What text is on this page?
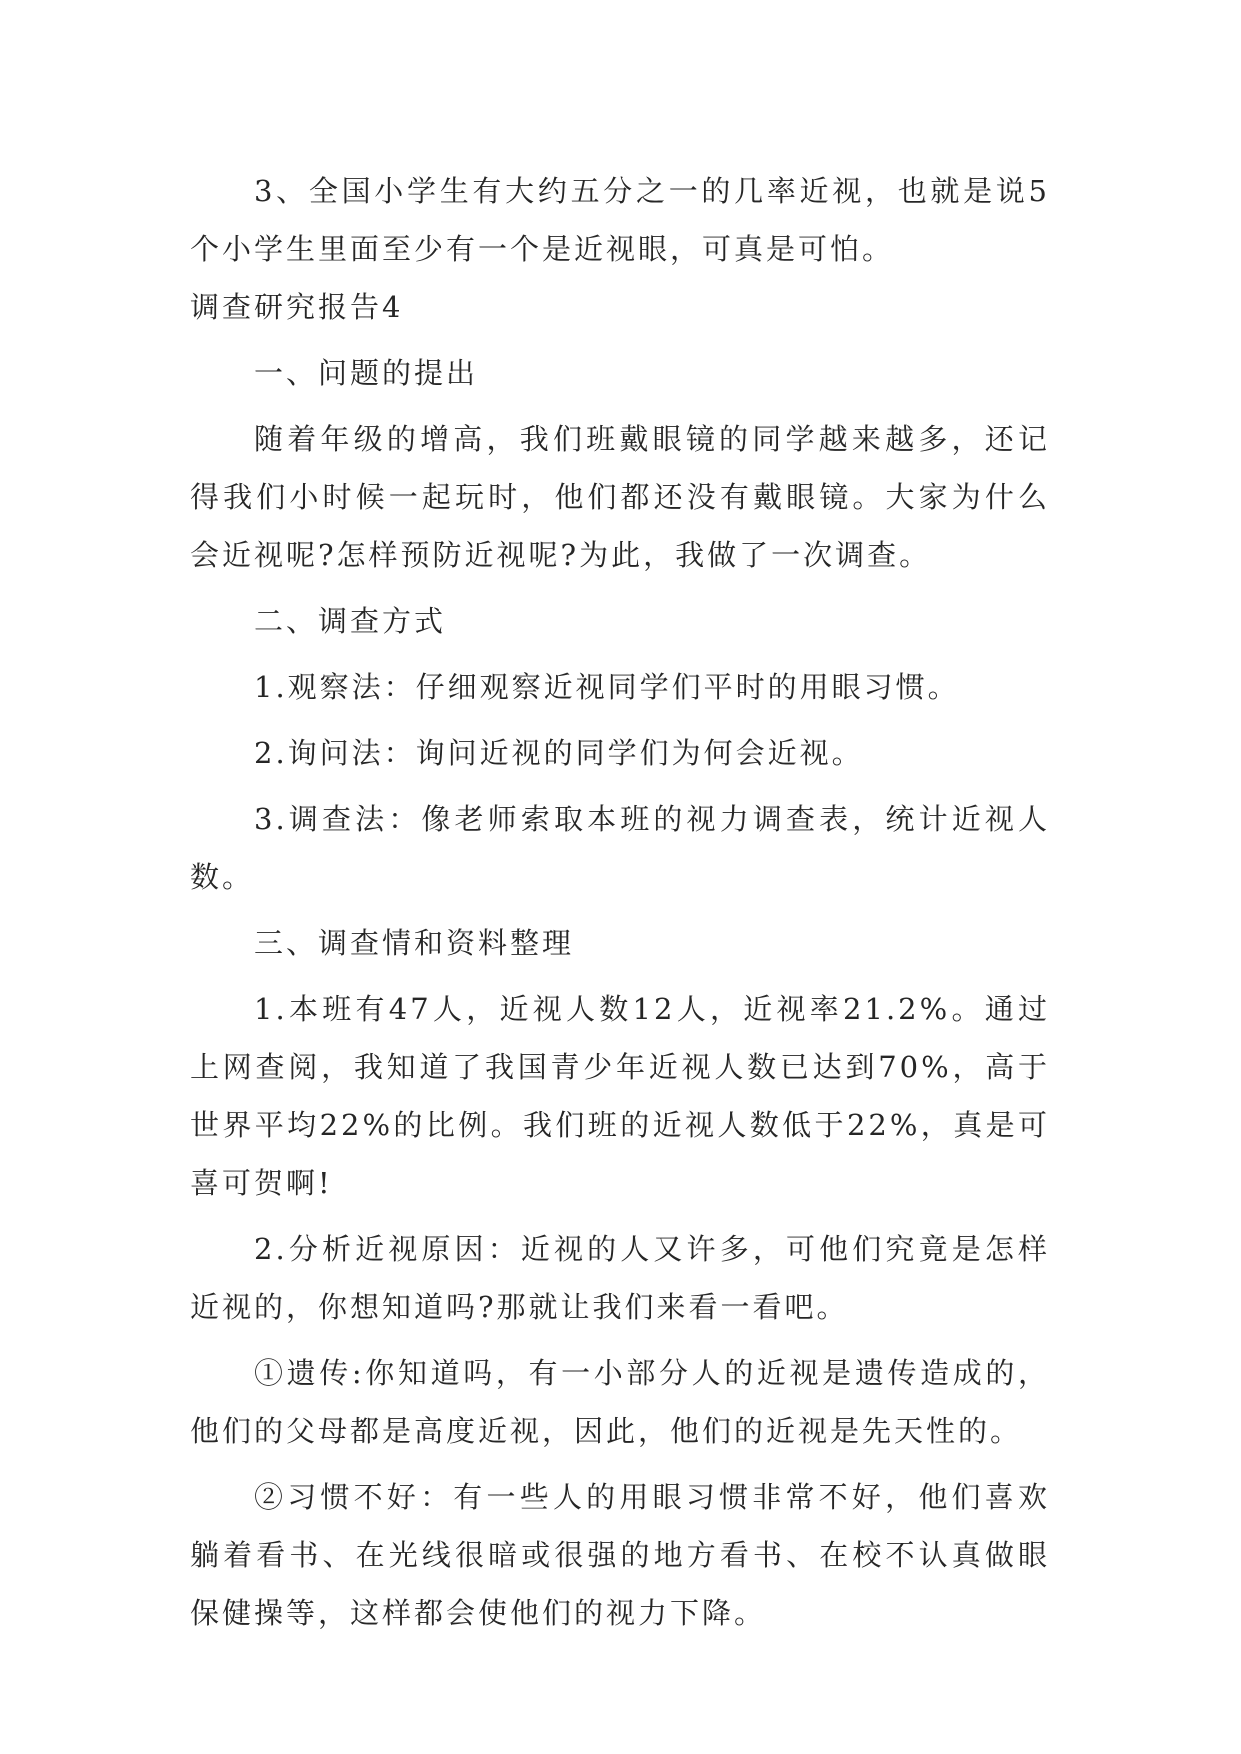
3、全国小学生有大约五分之一的几率近视，也就是说5个小学生里面至少有一个是近视眼，可真是可怕。

调查研究报告4

一、问题的提出

随着年级的增高，我们班戴眼镜的同学越来越多，还记得我们小时候一起玩时，他们都还没有戴眼镜。大家为什么会近视呢?怎样预防近视呢?为此，我做了一次调查。

二、调查方式

1.观察法：仔细观察近视同学们平时的用眼习惯。

2.询问法：询问近视的同学们为何会近视。

3.调查法：像老师索取本班的视力调查表，统计近视人数。

三、调查情和资料整理

1.本班有47人，近视人数12人，近视率21.2%。通过上网查阅，我知道了我国青少年近视人数已达到70%，高于世界平均22%的比例。我们班的近视人数低于22%，真是可喜可贺啊!

2.分析近视原因：近视的人又许多，可他们究竟是怎样近视的，你想知道吗?那就让我们来看一看吧。

①遗传:你知道吗，有一小部分人的近视是遗传造成的，他们的父母都是高度近视，因此，他们的近视是先天性的。

②习惯不好：有一些人的用眼习惯非常不好，他们喜欢躺着看书、在光线很暗或很强的地方看书、在校不认真做眼保健操等，这样都会使他们的视力下降。
